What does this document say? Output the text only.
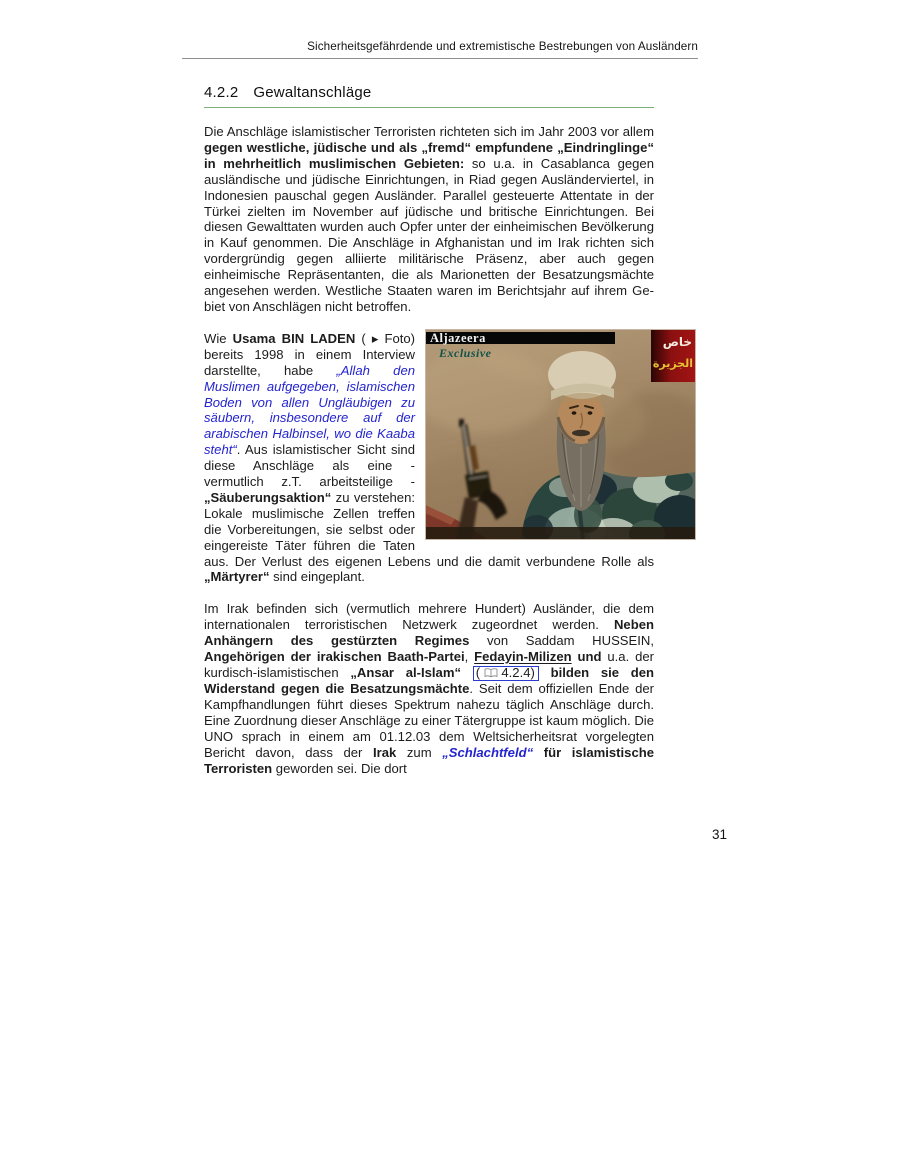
Sicherheitsgefährdende und extremistische Bestrebungen von Ausländern
4.2.2 Gewaltanschläge

Die Anschläge islamistischer Terroristen richteten sich im Jahr 2003 vor allem gegen westliche, jüdische und als „fremd“ empfundene „Eindringlinge“ in mehrheitlich muslimischen Gebieten: so u.a. in Casablanca gegen ausländische und jüdische Einrichtungen, in Riad gegen Ausländerviertel, in Indonesien pauschal gegen Ausländer. Parallel gesteuerte Attentate in der Türkei zielten im November auf jüdische und britische Einrichtungen. Bei diesen Gewalttaten wurden auch Opfer unter der einheimischen Bevölkerung in Kauf genommen. Die Anschläge in Afghanistan und im Irak richten sich vordergründig gegen alliierte militärische Präsenz, aber auch gegen einheimische Repräsentanten, die als Marionetten der Besatzungsmächte angesehen werden. Westliche Staaten waren im Berichtsjahr auf ihrem Gebiet von Anschlägen nicht betroffen.

Aljazeera
Exclusive
خاص
الجزيرة
Wie Usama BIN LADEN ( ▸ Foto) bereits 1998 in einem Interview darstellte, habe „Allah den Muslimen aufgegeben, islamischen Boden von allen Ungläubigen zu säubern, insbesondere auf der arabischen Halbinsel, wo die Kaaba steht“. Aus islamistischer Sicht sind diese Anschläge als eine - vermutlich z.T. arbeitsteilige - „Säuberungsaktion“ zu verstehen: Lokale muslimische Zellen treffen die Vorbereitungen, sie selbst oder eingereiste Täter führen die Taten aus. Der Verlust des eigenen Lebens und die damit verbundene Rolle als „Märtyrer“ sind eingeplant.

Im Irak befinden sich (vermutlich mehrere Hundert) Ausländer, die dem internationalen terroristischen Netzwerk zugeordnet werden. Neben Anhängern des gestürzten Regimes von Saddam HUSSEIN, Angehörigen der irakischen Baath-Partei, Fedayin-Milizen und u.a. der kurdisch-islamistischen „Ansar al-Islam“ (  4.2.4) bilden sie den Widerstand gegen die Besatzungsmächte. Seit dem offiziellen Ende der Kampfhandlungen führt dieses Spektrum nahezu täglich Anschläge durch. Eine Zuordnung dieser Anschläge zu einer Tätergruppe ist kaum möglich. Die UNO sprach in einem am 01.12.03 dem Weltsicherheitsrat vorgelegten Bericht davon, dass der Irak zum „Schlachtfeld“ für islamistische Terroristen geworden sei. Die dort

31
